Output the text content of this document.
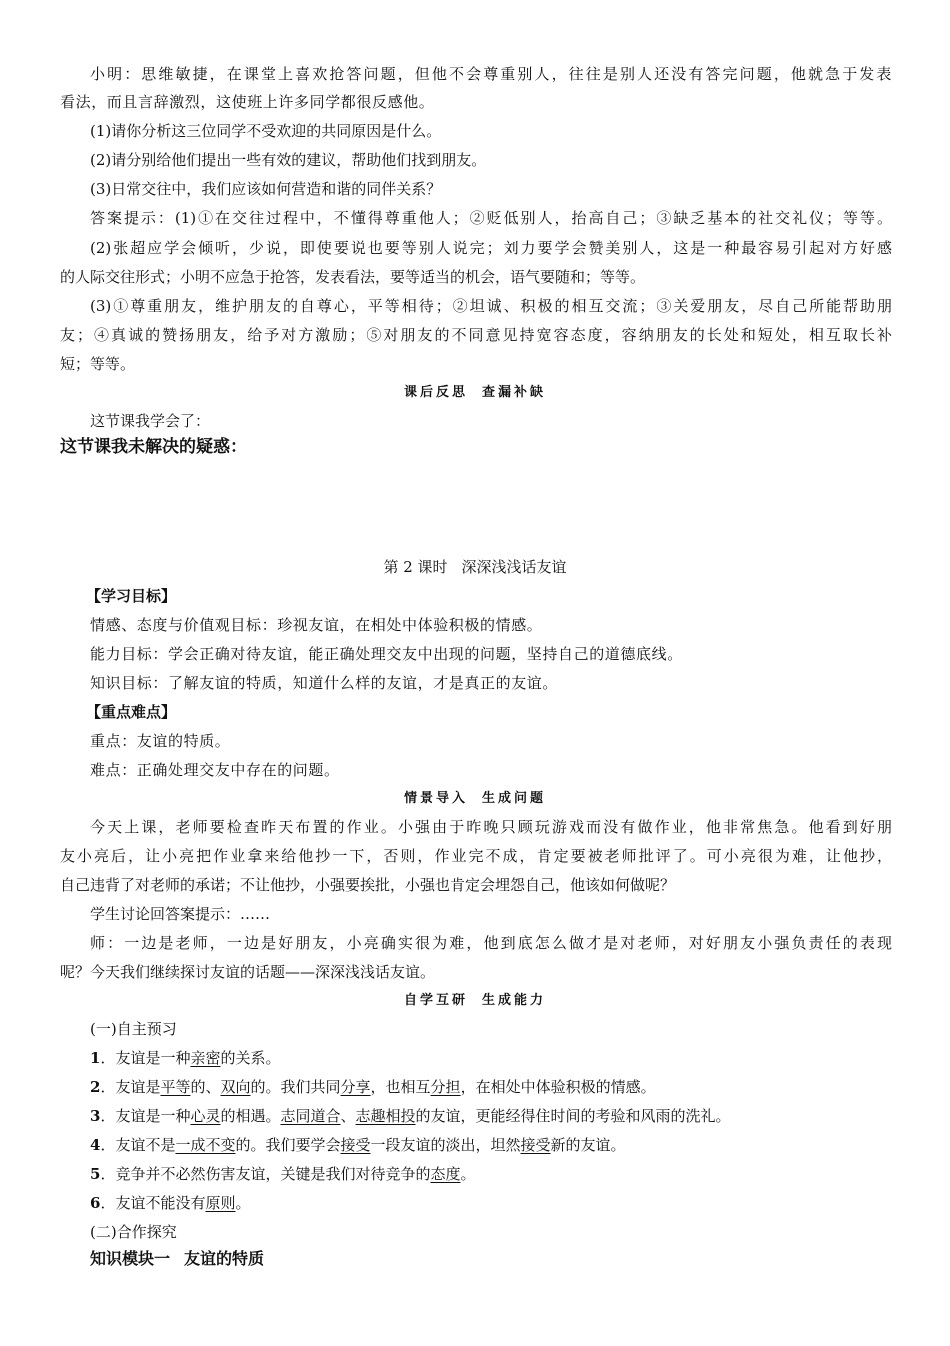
小明：思维敏捷，在课堂上喜欢抢答问题，但他不会尊重别人，往往是别人还没有答完问题，他就急于发表
看法，而且言辞激烈，这使班上许多同学都很反感他。
(1)请你分析这三位同学不受欢迎的共同原因是什么。
(2)请分别给他们提出一些有效的建议，帮助他们找到朋友。
(3)日常交往中，我们应该如何营造和谐的同伴关系？
答案提示：(1)①在交往过程中，不懂得尊重他人；②贬低别人，抬高自己；③缺乏基本的社交礼仪；等等。
(2)张超应学会倾听，少说，即使要说也要等别人说完；刘力要学会赞美别人，这是一种最容易引起对方好感
的人际交往形式；小明不应急于抢答，发表看法，要等适当的机会，语气要随和；等等。
(3)①尊重朋友，维护朋友的自尊心，平等相待；②坦诚、积极的相互交流；③关爱朋友，尽自己所能帮助朋
友；④真诚的赞扬朋友，给予对方激励；⑤对朋友的不同意见持宽容态度，容纳朋友的长处和短处，相互取长补
短；等等。
课后反思 查漏补缺
这节课我学会了：
这节课我未解决的疑惑：
第 2 课时 深深浅浅话友谊
【学习目标】
情感、态度与价值观目标：珍视友谊，在相处中体验积极的情感。
能力目标：学会正确对待友谊，能正确处理交友中出现的问题，坚持自己的道德底线。
知识目标：了解友谊的特质，知道什么样的友谊，才是真正的友谊。
【重点难点】
重点：友谊的特质。
难点：正确处理交友中存在的问题。
情景导入 生成问题
今天上课，老师要检查昨天布置的作业。小强由于昨晚只顾玩游戏而没有做作业，他非常焦急。他看到好朋
友小亮后，让小亮把作业拿来给他抄一下，否则，作业完不成，肯定要被老师批评了。可小亮很为难，让他抄，
自己违背了对老师的承诺；不让他抄，小强要挨批，小强也肯定会埋怨自己，他该如何做呢？
学生讨论回答案提示：……
师：一边是老师，一边是好朋友，小亮确实很为难，他到底怎么做才是对老师，对好朋友小强负责任的表现
呢？今天我们继续探讨友谊的话题——深深浅浅话友谊。
自学互研 生成能力
(一)自主预习
1．友谊是一种亲密的关系。
2．友谊是平等的、双向的。我们共同分享，也相互分担，在相处中体验积极的情感。
3．友谊是一种心灵的相遇。志同道合、志趣相投的友谊，更能经得住时间的考验和风雨的洗礼。
4．友谊不是一成不变的。我们要学会接受一段友谊的淡出，坦然接受新的友谊。
5．竞争并不必然伤害友谊，关键是我们对待竞争的态度。
6．友谊不能没有原则。
(二)合作探究
知识模块一 友谊的特质
